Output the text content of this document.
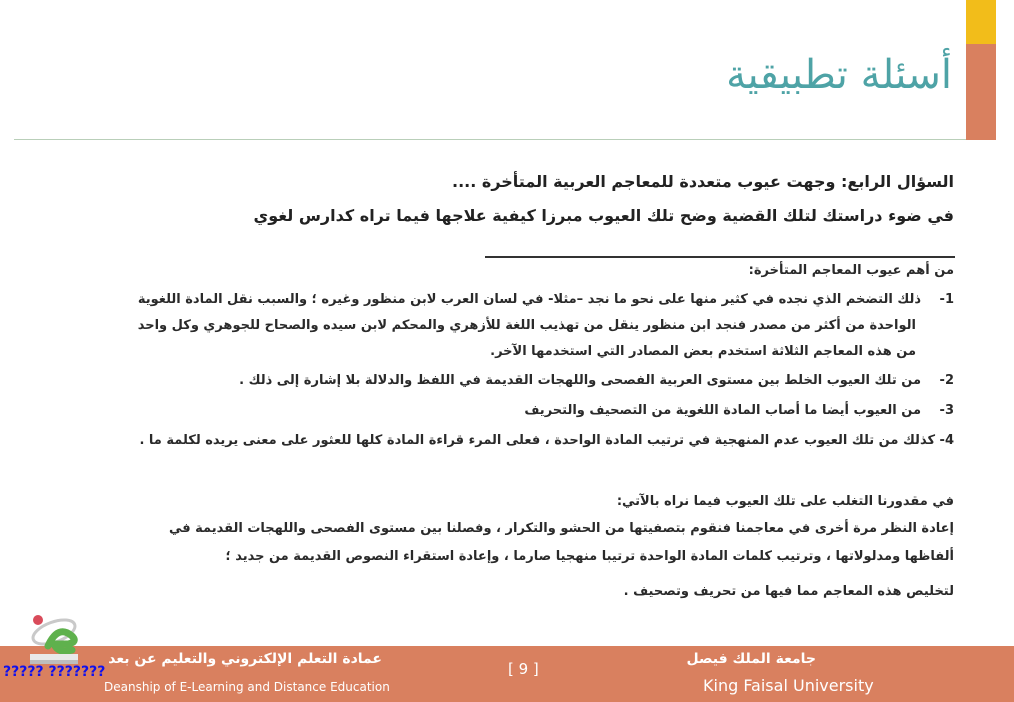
أسئلة تطبيقية
السؤال الرابع: وجهت عيوب متعددة للمعاجم العربية المتأخرة ....
في ضوء دراستك لتلك القضية وضح تلك العيوب مبرزا كيفية علاجها فيما تراه كدارس لغوي
من أهم عيوب المعاجم المتأخرة:
1- ذلك التضخم الذي نجده في كثير منها على نحو ما نجد –مثلا- في لسان العرب لابن منظور وغيره ؛ والسبب نقل المادة اللغوية
الواحدة من أكثر من مصدر فنجد ابن منظور ينقل من تهذيب اللغة للأزهري والمحكم لابن سيده والصحاح للجوهري وكل واحد
من هذه المعاجم الثلاثة استخدم بعض المصادر التي استخدمها الآخر.
2- من تلك العيوب الخلط بين مستوى العربية الفصحى واللهجات القديمة في اللفظ والدلالة بلا إشارة إلى ذلك .
3- من العيوب أيضا ما أصاب المادة اللغوية من التصحيف والتحريف
4- كذلك من تلك العيوب عدم المنهجية في ترتيب المادة الواحدة ، فعلى المرء قراءة المادة كلها للعثور على معنى يريده لكلمة ما .
في مقدورنا التغلب على تلك العيوب فيما نراه بالآتي:
إعادة النظر مرة أخرى في معاجمنا فنقوم بتصفيتها من الحشو والتكرار ، وفصلنا بين مستوى الفصحى واللهجات القديمة في
ألفاظها ومدلولاتها ، وترتيب كلمات المادة الواحدة ترتيبا منهجيا صارما ، وإعادة استقراء النصوص القديمة من جديد ؛
لتخليص هذه المعاجم مما فيها من تحريف وتصحيف .
عمادة التعلم الإلكتروني والتعليم عن بعد
Deanship of E-Learning and Distance Education
[ 9 ]
جامعة الملك فيصل
King Faisal University
????? ???????
